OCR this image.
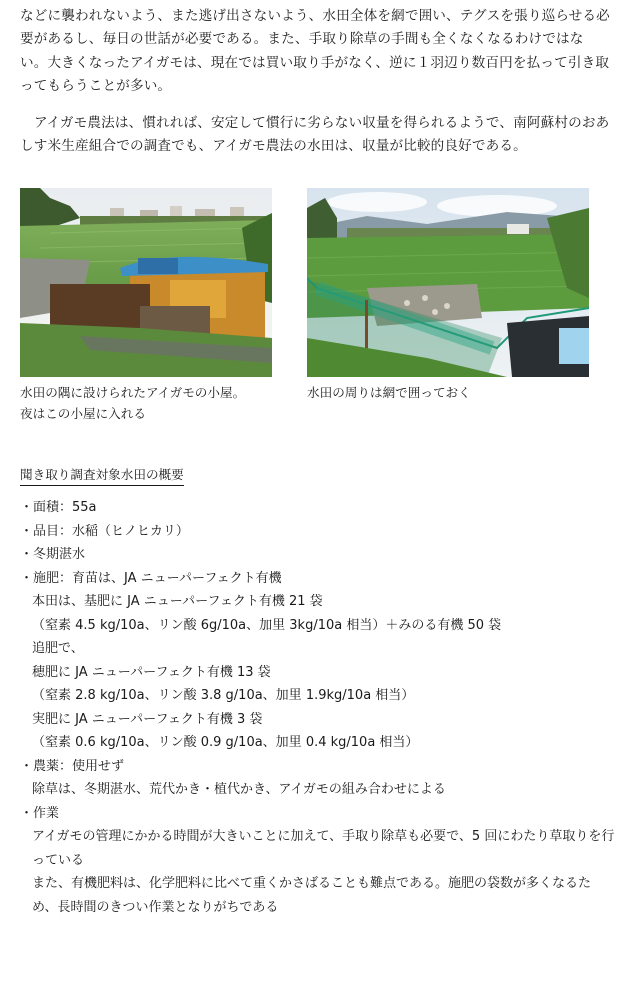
などに襲われないよう、また逃げ出さないよう、水田全体を網で囲い、テグスを張り巡らせる必要があるし、毎日の世話が必要である。また、手取り除草の手間も全くなくなるわけではない。大きくなったアイガモは、現在では買い取り手がなく、逆に１羽辺り数百円を払って引き取ってもらうことが多い。

アイガモ農法は、慣れれば、安定して慣行に劣らない収量を得られるようで、南阿蘇村のおあしす米生産組合での調査でも、アイガモ農法の水田は、収量が比較的良好である。

水田の隅に設けられたアイガモの小屋。
夜はこの小屋に入れる
水田の周りは網で囲っておく
聞き取り調査対象水田の概要
・面積：55a
・品目：水稲（ヒノヒカリ）
・冬期湛水
・施肥：育苗は、JA ニューパーフェクト有機
本田は、基肥に JA ニューパーフェクト有機 21 袋
（窒素 4.5 kg/10a、リン酸 6g/10a、加里 3kg/10a 相当）＋みのる有機 50 袋
追肥で、
穂肥に JA ニューパーフェクト有機 13 袋
（窒素 2.8 kg/10a、リン酸 3.8 g/10a、加里 1.9kg/10a 相当）
実肥に JA ニューパーフェクト有機 3 袋
（窒素 0.6 kg/10a、リン酸 0.9 g/10a、加里 0.4 kg/10a 相当）
・農薬：使用せず
除草は、冬期湛水、荒代かき・植代かき、アイガモの組み合わせによる
・作業
アイガモの管理にかかる時間が大きいことに加えて、手取り除草も必要で、5 回にわたり草取りを行っている
また、有機肥料は、化学肥料に比べて重くかさばることも難点である。施肥の袋数が多くなるため、長時間のきつい作業となりがちである
